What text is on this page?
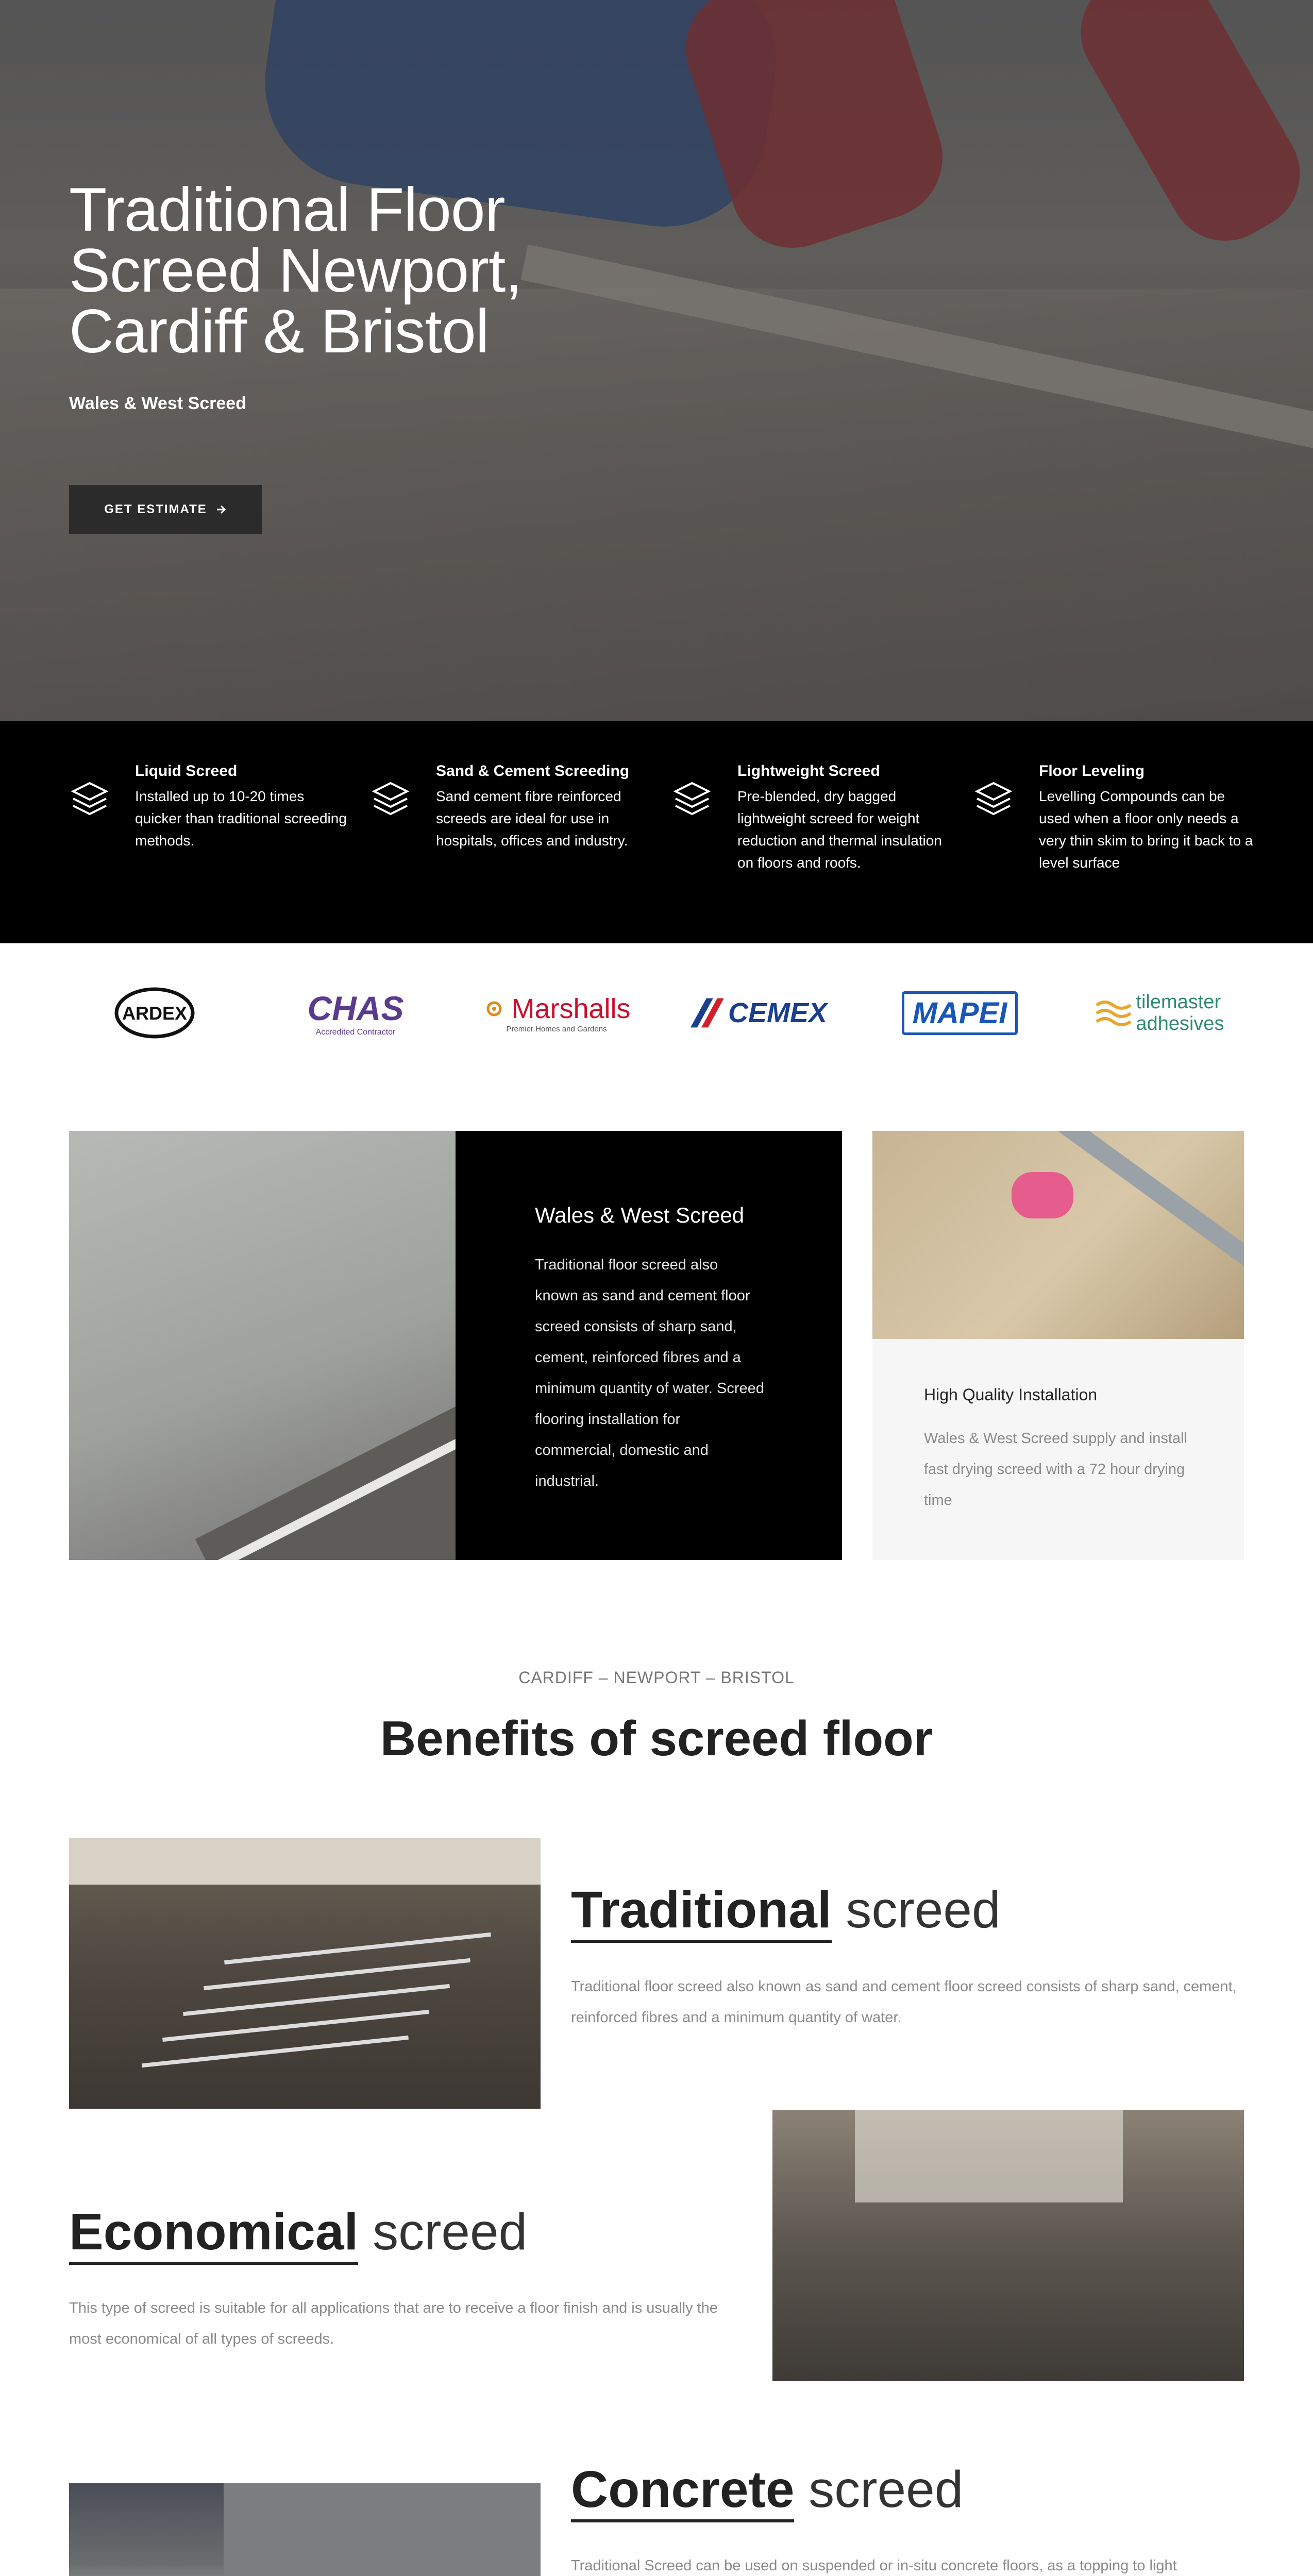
Traditional Floor Screed Newport, Cardiff & Bristol
Wales & West Screed
GET ESTIMATE
Liquid Screed
Installed up to 10-20 times quicker than traditional screeding methods.
Sand & Cement Screeding
Sand cement fibre reinforced screeds are ideal for use in hospitals, offices and industry.
Lightweight Screed
Pre-blended, dry bagged lightweight screed for weight reduction and thermal insulation on floors and roofs.
Floor Leveling
Levelling Compounds can be used when a floor only needs a very thin skim to bring it back to a level surface
ARDEX	CHAS
Accredited Contractor
Marshalls
Premier Homes and Gardens
CEMEX	MAPEI	tilemaster
adhesives
Wales & West Screed
Traditional floor screed also known as sand and cement floor screed consists of sharp sand, cement, reinforced fibres and a minimum quantity of water. Screed flooring installation for commercial, domestic and industrial.
High Quality Installation
Wales & West Screed supply and install fast drying screed with a 72 hour drying time
CARDIFF – NEWPORT – BRISTOL
Benefits of screed floor
Traditional screed
Traditional floor screed also known as sand and cement floor screed consists of sharp sand, cement, reinforced fibres and a minimum quantity of water.
Economical screed
This type of screed is suitable for all applications that are to receive a floor finish and is usually the most economical of all types of screeds.
Concrete screed
Traditional Screed can be used on suspended or in-situ concrete floors, as a topping to light
